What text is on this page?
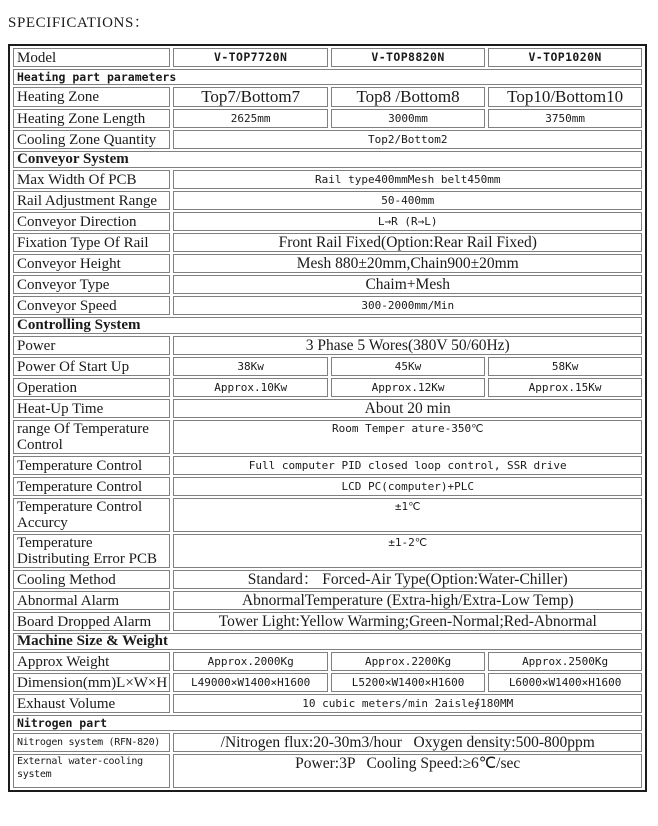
SPECIFICATIONS：
Model	V-TOP7720N	V-TOP8820N	V-TOP1020N
Heating part parameters			
Heating Zone	Top7/Bottom7	Top8 /Bottom8	Top10/Bottom10
Heating Zone Length	2625mm	3000mm	3750mm
Cooling Zone Quantity	Top2/Bottom2		
Conveyor System			
Max Width Of PCB	Rail type400mmMesh belt450mm		
Rail Adjustment Range	50-400mm		
Conveyor Direction	L→R (R→L)		
Fixation Type Of Rail	Front Rail Fixed(Option:Rear Rail Fixed)		
Conveyor Height	Mesh 880±20mm,Chain900±20mm		
Conveyor Type	Chaim+Mesh		
Conveyor Speed	300-2000mm/Min		
Controlling System			
Power	3 Phase 5 Wores(380V 50/60Hz)		
Power Of Start Up	38Kw	45Kw	58Kw
Operation	Approx.10Kw	Approx.12Kw	Approx.15Kw
Heat-Up Time	About 20 min		
range Of Temperature Control	Room Temper ature-350℃		
Temperature Control	Full computer PID closed loop control, SSR drive		
Temperature Control	LCD PC(computer)+PLC		
Temperature Control Accurcy	±1℃		
Temperature Distributing Error PCB	±1-2℃		
Cooling Method	Standard： Forced-Air Type(Option:Water-Chiller)		
Abnormal Alarm	AbnormalTemperature (Extra-high/Extra-Low Temp)		
Board Dropped Alarm	Tower Light:Yellow Warming;Green-Normal;Red-Abnormal		
Machine Size & Weight			
Approx Weight	Approx.2000Kg	Approx.2200Kg	Approx.2500Kg
Dimension(mm)L×W×H	L49000×W1400×H1600	L5200×W1400×H1600	L6000×W1400×H1600
Exhaust Volume	10 cubic meters/min 2aisle∮180MM		
Nitrogen part			
Nitrogen system (RFN-820)	/Nitrogen flux:20-30m3/hour   Oxygen density:500-800ppm		
External water-cooling system	Power:3P   Cooling Speed:≥6℃/sec		
